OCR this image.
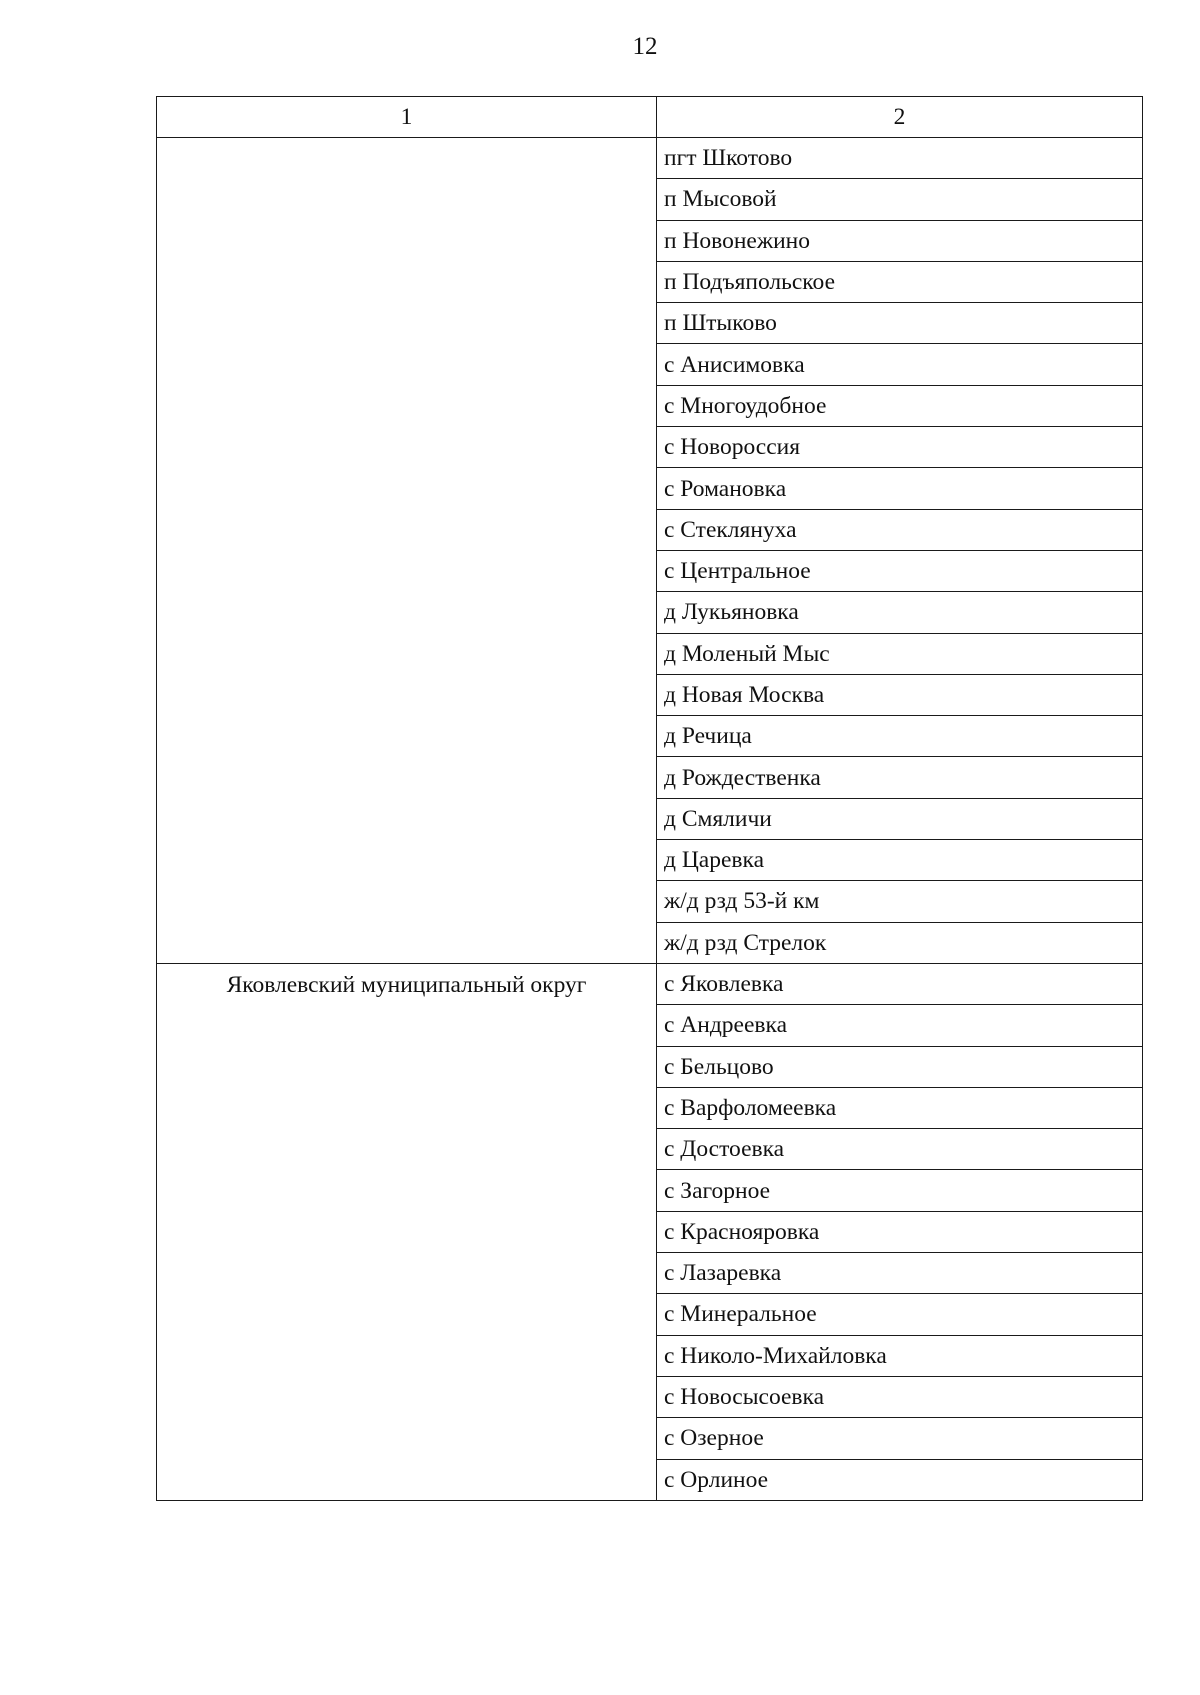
12
1	2
	пгт Шкотово
	п Мысовой
	п Новонежино
	п Подъяпольское
	п Штыково
	с Анисимовка
	с Многоудобное
	с Новороссия
	с Романовка
	с Стеклянуха
	с Центральное
	д Лукьяновка
	д Моленый Мыс
	д Новая Москва
	д Речица
	д Рождественка
	д Смяличи
	д Царевка
	ж/д рзд 53-й км
	ж/д рзд Стрелок
Яковлевский муниципальный округ	с Яковлевка
	с Андреевка
	с Бельцово
	с Варфоломеевка
	с Достоевка
	с Загорное
	с Краснояровка
	с Лазаревка
	с Минеральное
	с Николо-Михайловка
	с Новосысоевка
	с Озерное
	с Орлиное
